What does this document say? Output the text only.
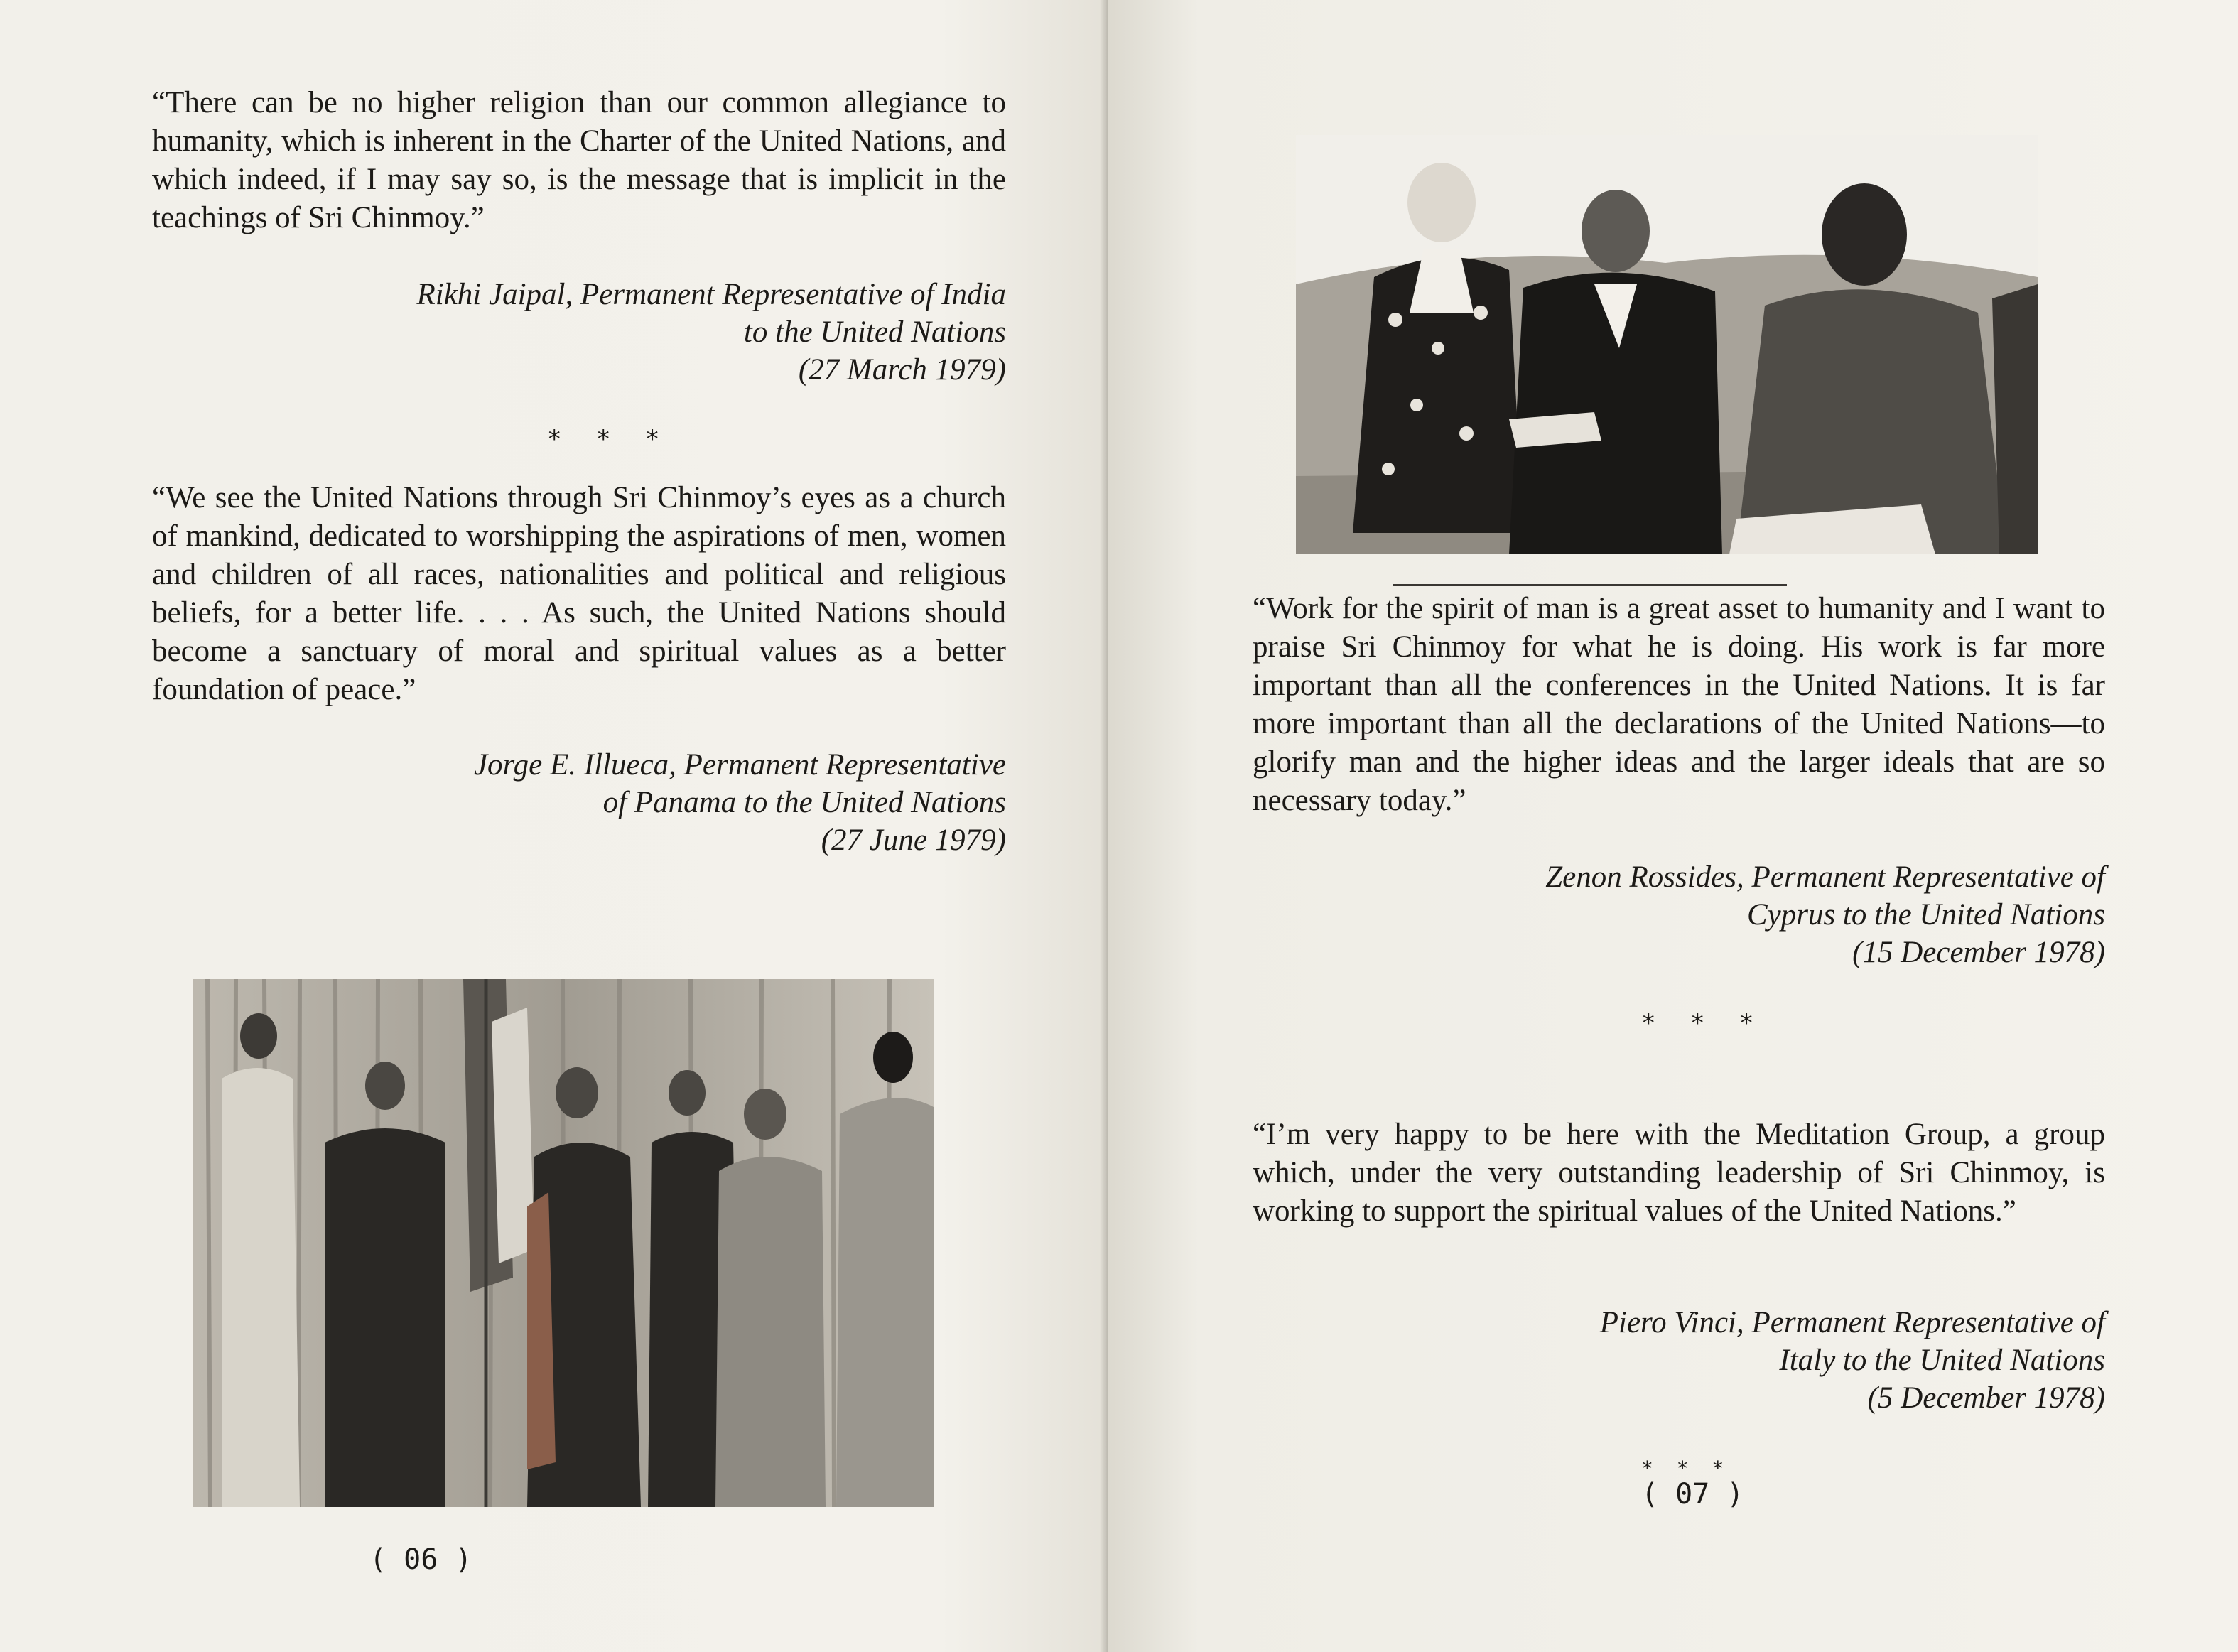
“There can be no higher religion than our common allegiance to humanity, which is inherent in the Charter of the United Nations, and which indeed, if I may say so, is the message that is implicit in the teachings of Sri Chinmoy.”

Rikhi Jaipal, Permanent Representative of India
to the United Nations
(27 March 1979)

* * *

“We see the United Nations through Sri Chinmoy’s eyes as a church of mankind, dedicated to worshipping the aspirations of men, women and children of all races, nationalities and political and religious beliefs, for a better life. . . . As such, the United Nations should become a sanctuary of moral and spiritual values as a better foundation of peace.”

Jorge E. Illueca, Permanent Representative
of Panama to the United Nations
(27 June 1979)

( 06 )

“Work for the spirit of man is a great asset to humanity and I want to praise Sri Chinmoy for what he is doing. His work is far more important than all the conferences in the United Nations. It is far more important than all the declarations of the United Nations—to glorify man and the higher ideas and the larger ideals that are so necessary today.”

Zenon Rossides, Permanent Representative of
Cyprus to the United Nations
(15 December 1978)

* * *

“I’m very happy to be here with the Meditation Group, a group which, under the very outstanding leadership of Sri Chinmoy, is working to support the spiritual values of the United Nations.”

Piero Vinci, Permanent Representative of
Italy to the United Nations
(5 December 1978)

* * *

( 07 )
